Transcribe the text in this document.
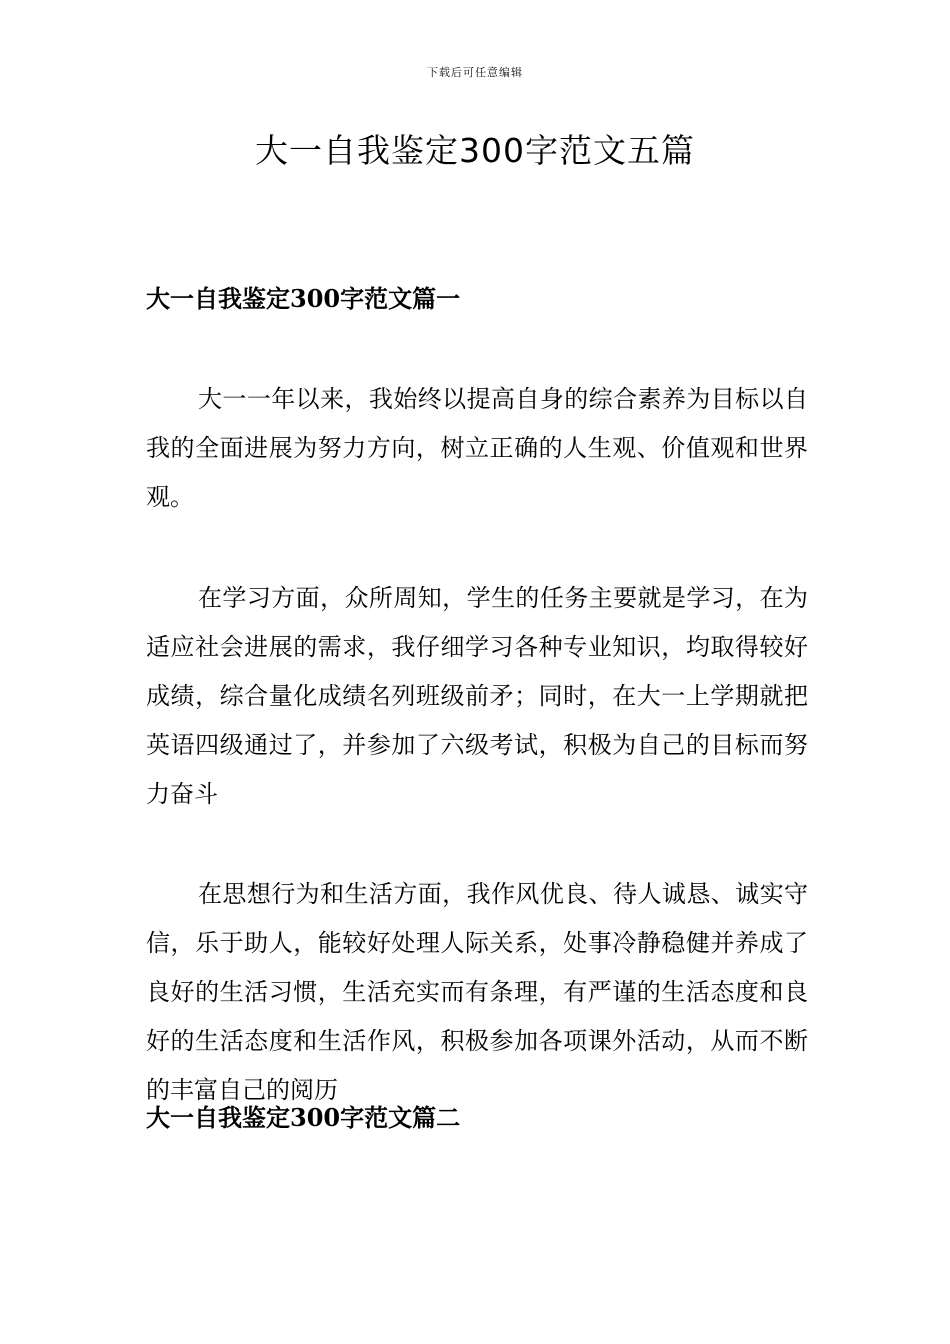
下载后可任意编辑
大一自我鉴定300字范文五篇
大一自我鉴定300字范文篇一

大一一年以来，我始终以提高自身的综合素养为目标以自我的全面进展为努力方向，树立正确的人生观、价值观和世界观。

在学习方面，众所周知，学生的任务主要就是学习，在为适应社会进展的需求，我仔细学习各种专业知识，均取得较好成绩，综合量化成绩名列班级前矛；同时，在大一上学期就把英语四级通过了，并参加了六级考试，积极为自己的目标而努力奋斗

在思想行为和生活方面，我作风优良、待人诚恳、诚实守信，乐于助人，能较好处理人际关系，处事冷静稳健并养成了良好的生活习惯，生活充实而有条理，有严谨的生活态度和良好的生活态度和生活作风，积极参加各项课外活动，从而不断的丰富自己的阅历

大一自我鉴定300字范文篇二
